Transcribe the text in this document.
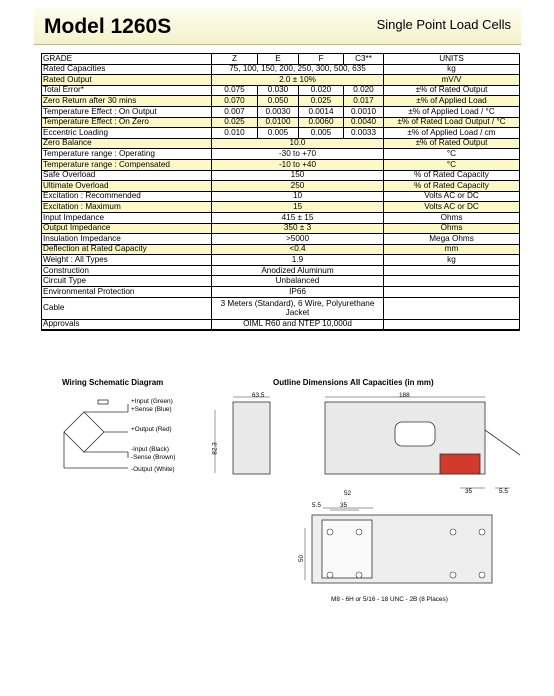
Model 1260S	Single Point Load Cells
GRADE	Z	E	F	C3**	UNITS
Rated Capacities	75, 100, 150, 200, 250, 300, 500, 635				kg
Rated Output	2.0 ± 10%				mV/V
Total Error*	0.075	0.030	0.020	0.020	±% of Rated Output
Zero Return after 30 mins	0.070	0.050	0.025	0.017	±% of Applied Load
Temperature Effect : On Output	0.007	0.0030	0.0014	0.0010	±% of Applied Load / °C
Temperature Effect : On Zero	0.025	0.0100	0.0060	0.0040	±% of Rated Load Output / °C
Eccentric Loading	0.010	0.005	0.005	0.0033	±% of Applied Load / cm
Zero Balance	10.0				±% of Rated Output
Temperature range : Operating	-30 to +70				°C
Temperature range : Compensated	-10 to +40				°C
Safe Overload	150				% of Rated Capacity
Ultimate Overload	250				% of Rated Capacity
Excitation : Recommended	10				Volts AC or DC
Excitation : Maximum	15				Volts AC or DC
Input Impedance	415 ± 15				Ohms
Output Impedance	350 ± 3				Ohms
Insulation Impedance	>5000				Mega Ohms
Deflection at Rated Capacity	<0.4				mm
Weight : All Types	1.9				kg
Construction	Anodized Aluminum				
Circuit Type	Unbalanced				
Environmental Protection	IP66				
Cable	3 Meters (Standard), 6 Wire, Polyurethane Jacket				
Approvals	OIML R60 and NTEP 10,000d				
Wiring Schematic Diagram	Outline Dimensions All Capacities (in mm)
+Input (Green)
+Sense (Blue)
+Output (Red)
-Input (Black)
-Sense (Brown)
-Output (White)
63.5	188
82.3
35	5.5
52
5.5	35
50
M8 - 6H or 5/16 - 18 UNC - 2B (8 Places)
